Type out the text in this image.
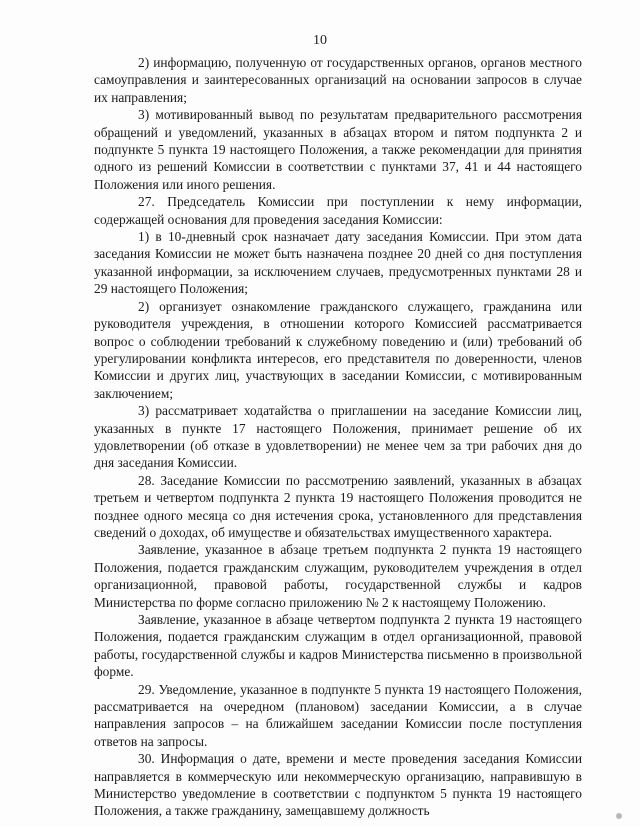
10

2) информацию, полученную от государственных органов, органов местного самоуправления и заинтересованных организаций на основании запросов в случае их направления;

3) мотивированный вывод по результатам предварительного рассмотрения обращений и уведомлений, указанных в абзацах втором и пятом подпункта 2 и подпункте 5 пункта 19 настоящего Положения, а также рекомендации для принятия одного из решений Комиссии в соответствии с пунктами 37, 41 и 44 настоящего Положения или иного решения.

27. Председатель Комиссии при поступлении к нему информации, содержащей основания для проведения заседания Комиссии:

1) в 10-дневный срок назначает дату заседания Комиссии. При этом дата заседания Комиссии не может быть назначена позднее 20 дней со дня поступления указанной информации, за исключением случаев, предусмотренных пунктами 28 и 29 настоящего Положения;

2) организует ознакомление гражданского служащего, гражданина или руководителя учреждения, в отношении которого Комиссией рассматривается вопрос о соблюдении требований к служебному поведению и (или) требований об урегулировании конфликта интересов, его представителя по доверенности, членов Комиссии и других лиц, участвующих в заседании Комиссии, с мотивированным заключением;

3) рассматривает ходатайства о приглашении на заседание Комиссии лиц, указанных в пункте 17 настоящего Положения, принимает решение об их удовлетворении (об отказе в удовлетворении) не менее чем за три рабочих дня до дня заседания Комиссии.

28. Заседание Комиссии по рассмотрению заявлений, указанных в абзацах третьем и четвертом подпункта 2 пункта 19 настоящего Положения проводится не позднее одного месяца со дня истечения срока, установленного для представления сведений о доходах, об имуществе и обязательствах имущественного характера.

Заявление, указанное в абзаце третьем подпункта 2 пункта 19 настоящего Положения, подается гражданским служащим, руководителем учреждения в отдел организационной, правовой работы, государственной службы и кадров Министерства по форме согласно приложению № 2 к настоящему Положению.

Заявление, указанное в абзаце четвертом подпункта 2 пункта 19 настоящего Положения, подается гражданским служащим в отдел организационной, правовой работы, государственной службы и кадров Министерства письменно в произвольной форме.

29. Уведомление, указанное в подпункте 5 пункта 19 настоящего Положения, рассматривается на очередном (плановом) заседании Комиссии, а в случае направления запросов – на ближайшем заседании Комиссии после поступления ответов на запросы.

30. Информация о дате, времени и месте проведения заседания Комиссии направляется в коммерческую или некоммерческую организацию, направившую в Министерство уведомление в соответствии с подпунктом 5 пункта 19 настоящего Положения, а также гражданину, замещавшему должность
